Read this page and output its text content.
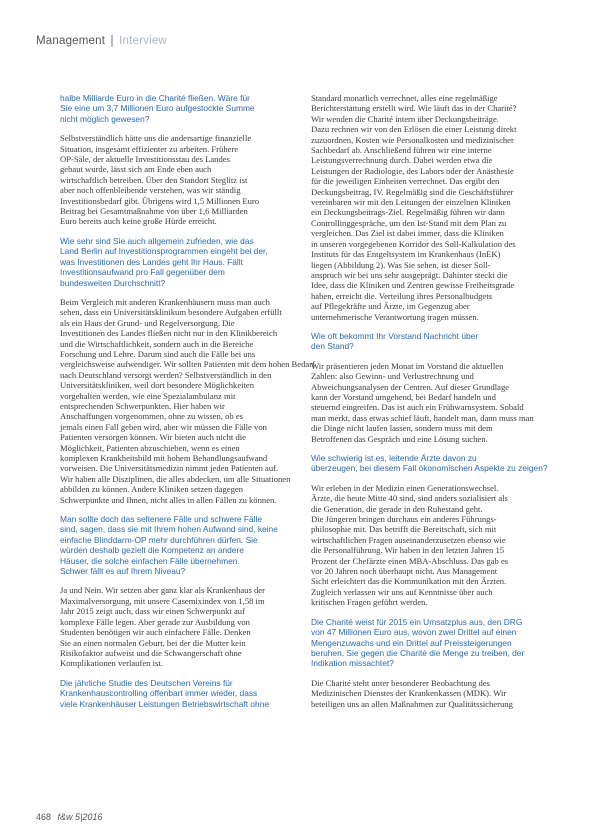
Management | Interview

halbe Milliarde Euro in die Charité fließen. Wäre für
Sie eine um 3,7 Millionen Euro aufgestockte Summe
nicht möglich gewesen?

Selbstverständlich hätte uns die andersartige finanzielle
Situation, insgesamt effizienter zu arbeiten. Frühere
OP-Säle, der aktuelle Investitionsstau des Landes
gebaut wurde, lässt sich am Ende eben auch
wirtschaftlich betreiben. Über den Standort Steglitz ist
aber noch offenbleibende verstehen, was wir ständig
Investitionsbedarf gibt. Übrigens wird 1,5 Millionen Euro
Beitrag bei Gesamtmaßnahme von über 1,6 Milliarden
Euro bereits auch keine große Hürde erreicht.

Wie sehr sind Sie auch allgemein zufrieden, wie das
Land Berlin auf Investitionsprogrammen eingeht bei der,
was Investitionen des Landes geht Ihr Haus. Fällt
Investitionsaufwand pro Fall gegenüber dem
bundesweiten Durchschnitt?

Beim Vergleich mit anderen Krankenhäusern muss man auch
sehen, dass ein Universitätsklinikum besondere Aufgaben erfüllt
als ein Haus der Grund- und Regelversorgung. Die
Investitionen des Landes fließen nicht nur in den Klinikbereich
und die Wirtschaftlichkeit, sondern auch in die Bereiche
Forschung und Lehre. Darum sind auch die Fälle bei uns
vergleichsweise aufwendiger. Wir sollten Patienten mit dem hohen Bedarf
nach Deutschland versorgt werden? Selbstverständlich in den
Universitätskliniken, weil dort besondere Möglichkeiten
vorgehalten werden, wie eine Spezialambulanz mit
entsprechenden Schwerpunkten. Hier haben wir
Anschaffungen vorgenommen, ohne zu wissen, ob es
jemals einen Fall geben wird, aber wir müssen die Fälle von
Patienten versorgen können. Wir bieten auch nicht die
Möglichkeit, Patienten abzuschieben, wenn es einen
komplexen Krankheitsbild mit hohem Behandlungsaufwand
vorweisen. Die Universitätsmedizin nimmt jeden Patienten auf.
Wir haben alle Disziplinen, die alles abdecken, um alle Situationen
abbilden zu können. Andere Kliniken setzen dagegen
Schwerpunkte und Ihnen, nicht alles in allen Fällen zu können.

Man sollte doch das seltenere Fälle und schwere Fälle
sind, sagen, dass sie mit Ihrem hohen Aufwand sind, keine
einfache Blinddarm-OP mehr durchführen dürfen. Sie
würden deshalb gezielt die Kompetenz an andere
Häuser, die solche einfachen Fälle übernehmen.
Schwer fällt es auf Ihrem Niveau?

Ja und Nein. Wir setzen aber ganz klar als Krankenhaus der
Maximalversorgung, mit unsere Casemixindex von 1,58 im
Jahr 2015 zeigt auch, dass wir einen Schwerpunkt auf
komplexe Fälle legen. Aber gerade zur Ausbildung von
Studenten benötigen wir auch einfachere Fälle. Denken
Sie an einen normalen Geburt, bei der die Mutter kein
Risikofaktor aufweist und die Schwangerschaft ohne
Komplikationen verlaufen ist.

Die jährliche Studie des Deutschen Vereins für
Krankenhauscontrolling offenbart immer wieder, dass
viele Krankenhäuser Leistungen Betriebswirtschaft ohne

Standard monatlich verrechnet, alles eine regelmäßige
Berichterstattung erstellt wird. Wie läuft das in der Charité?
Wir wenden die Charité intern über Deckungsbeiträge.
Dazu rechnen wir von den Erlösen die einer Leistung direkt
zuzuordnen, Kosten wie Personalkosten und medizinischer
Sachbedarf ab. Anschließend führen wir eine interne
Leistungsverrechnung durch. Dabei werden etwa die
Leistungen der Radiologie, des Labors oder der Anästhesie
für die jeweiligen Einheiten verrechnet. Das ergibt den
Deckungsbeitrag, IV. Regelmäßig sind die Geschäftsführer
vereinbaren wir mit den Leitungen der einzelnen Kliniken
ein Deckungsbeitrags-Ziel. Regelmäßig führen wir dann
Controllinggespräche, um den Ist-Stand mit dem Plan zu
vergleichen. Das Ziel ist dabei immer, dass die Kliniken
in unseren vorgegebenen Korridor des Soll-Kalkulation des
Instituts für das Entgeltsystem im Krankenhaus (InEK)
liegen (Abbildung 2). Was Sie sehen, ist dieser Soll-
anspruch wir bei uns sehr ausgeprägt. Dahinter steckt die
Idee, dass die Kliniken und Zentren gewisse Freiheitsgrade
haben, erreicht die. Verteilung ihres Personalbudgets
auf Pflegekräfte und Ärzte, im Gegenzug aber
unternehmerische Verantwortung tragen müssen.

Wie oft bekommt Ihr Vorstand Nachricht über
den Stand?

Wir präsentieren jeden Monat im Vorstand die aktuellen
Zahlen: also Gewinn- und Verlustrechnung und
Abweichungsanalysen der Centren. Auf dieser Grundlage
kann der Vorstand umgehend, bei Bedarf handeln und
steuernd eingreifen. Das ist auch ein Frühwarnsystem. Sobald
man merkt, dass etwas schief läuft, handelt man, dann muss man
die Dinge nicht laufen lassen, sondern muss mit dem
Betroffenen das Gespräch und eine Lösung suchen.

Wie schwierig ist es, leitende Ärzte davon zu
überzeugen, bei diesem Fall ökonomischen Aspekte zu zeigen?

Wir erleben in der Medizin einen Generationswechsel.
Ärzte, die heute Mitte 40 sind, sind anders sozialisiert als
die Generation, die gerade in den Ruhestand geht.
Die Jüngeren bringen durchaus ein anderes Führungs-
philosophie mit. Das betrifft die Bereitschaft, sich mit
wirtschaftlichen Fragen auseinanderzusetzen ebenso wie
die Personalführung. Wir haben in den letzten Jahren 15
Prozent der Chefärzte einen MBA-Abschluss. Das gab es
vor 20 Jahren noch überhaupt nicht. Aus Management
Sicht erleichtert das die Kommunikation mit den Ärzten.
Zugleich verlassen wir uns auf Kenntnisse über auch
kritischen Fragen geführt werden.

Die Charité weist für 2015 ein Umsatzplus aus, den DRG
von 47 Millionen Euro aus, wovon zwei Drittel auf einen
Mengenzuwachs und ein Drittel auf Preissteigerungen
beruhen. Sie gegen die Charité die Menge zu treiben, der
Indikation missachtet?

Die Charité steht unter besonderer Beobachtung des
Medizinischen Dienstes der Krankenkassen (MDK). Wir
beteiligen uns an allen Maßnahmen zur Qualitätssicherung

468 f&w 5|2016
